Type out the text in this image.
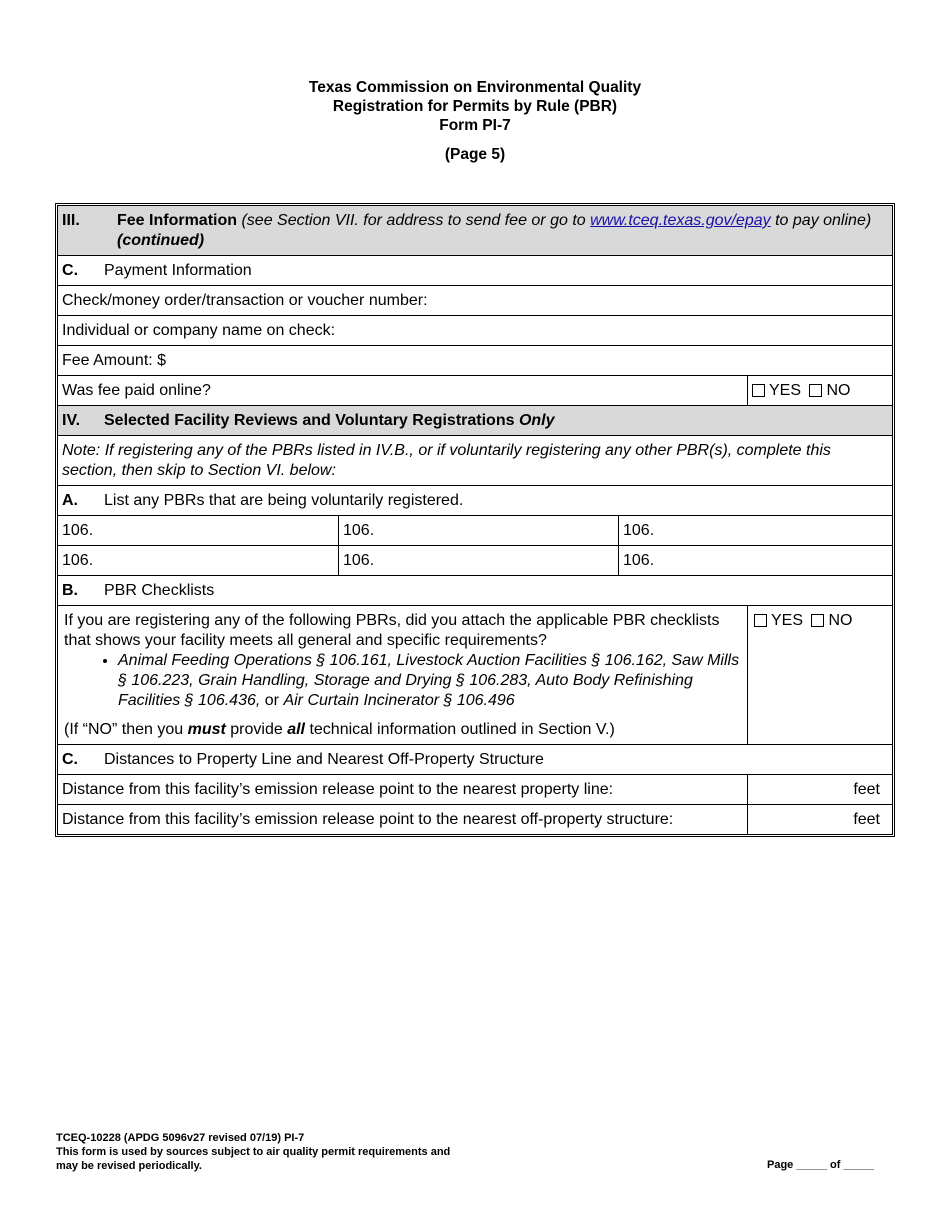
Texas Commission on Environmental Quality
Registration for Permits by Rule (PBR)
Form PI-7
(Page 5)
III.	Fee Information (see Section VII. for address to send fee or go to www.tceq.texas.gov/epay to pay online) (continued)
C. Payment Information
Check/money order/transaction or voucher number:
Individual or company name on check:
Fee Amount: $
Was fee paid online?	YES NO
IV. Selected Facility Reviews and Voluntary Registrations Only
Note: If registering any of the PBRs listed in IV.B., or if voluntarily registering any other PBR(s), complete this section, then skip to Section VI. below:
A. List any PBRs that are being voluntarily registered.
106.	106.	106.
106.	106.	106.
B. PBR Checklists
If you are registering any of the following PBRs, did you attach the applicable PBR checklists that shows your facility meets all general and specific requirements?
• Animal Feeding Operations § 106.161, Livestock Auction Facilities § 106.162, Saw Mills § 106.223, Grain Handling, Storage and Drying § 106.283, Auto Body Refinishing Facilities § 106.436, or Air Curtain Incinerator § 106.496
(If “NO” then you must provide all technical information outlined in Section V.)
YES NO
C. Distances to Property Line and Nearest Off-Property Structure
Distance from this facility’s emission release point to the nearest property line:	feet
Distance from this facility’s emission release point to the nearest off-property structure:	feet
TCEQ-10228 (APDG 5096v27 revised 07/19) PI-7
This form is used by sources subject to air quality permit requirements and
may be revised periodically.	Page _____ of _____
